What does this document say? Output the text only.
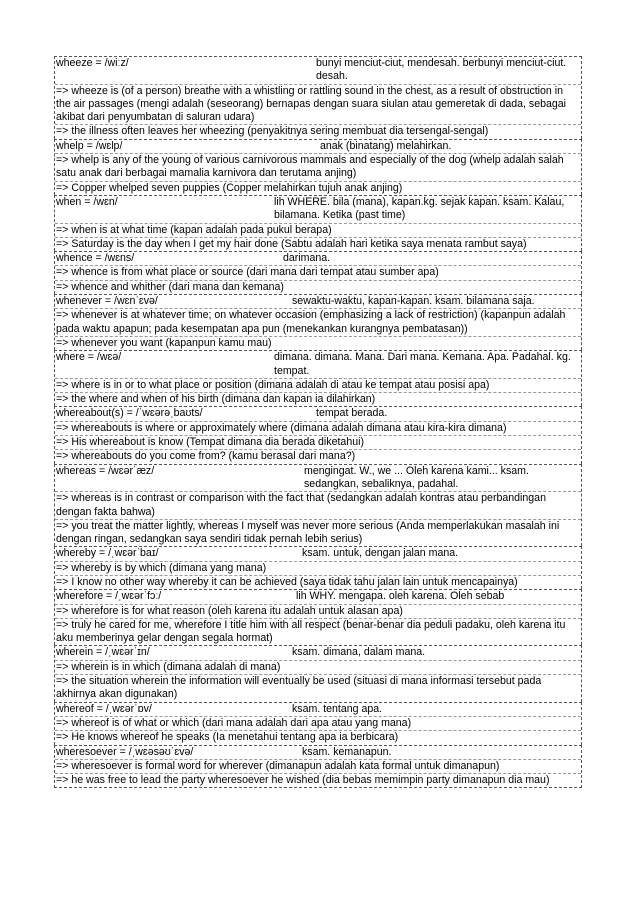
wheeze = /wiːz/	bunyi menciut-ciut, mendesah. berbunyi menciut-ciut. desah.
=> wheeze is (of a person) breathe with a whistling or rattling sound in the chest, as a result of obstruction in the air passages (mengi adalah (seseorang) bernapas dengan suara siulan atau gemeretak di dada, sebagai akibat dari penyumbatan di saluran udara)
=> the illness often leaves her wheezing (penyakitnya sering membuat dia tersengal-sengal)
whelp = /wɛlp/	anak (binatang) melahirkan.
=> whelp is any of the young of various carnivorous mammals and especially of the dog (whelp adalah salah satu anak dari berbagai mamalia karnivora dan terutama anjing)
=> Copper whelped seven puppies (Copper melahirkan tujuh anak anjing)
when = /wɛn/	lih WHERE. bila (mana), kapan.kg. sejak kapan. ksam. Kalau, bilamana. Ketika (past time)
=> when is at what time (kapan adalah pada pukul berapa)
=> Saturday is the day when I get my hair done (Sabtu adalah hari ketika saya menata rambut saya)
whence = /wɛns/	darimana.
=> whence is from what place or source (dari mana dari tempat atau sumber apa)
=> whence and whither (dari mana dan kemana)
whenever = /wɛnˈɛvə/	sewaktu-waktu, kapan-kapan. ksam. bilamana saja.
=> whenever is at whatever time; on whatever occasion (emphasizing a lack of restriction) (kapanpun adalah pada waktu apapun; pada kesempatan apa pun (menekankan kurangnya pembatasan))
=> whenever you want (kapanpun kamu mau)
where = /wɛə/	dimana. dimana. Mana. Dari mana. Kemana. Apa. Padahal. kg. tempat.
=> where is in or to what place or position (dimana adalah di atau ke tempat atau posisi apa)
=> the where and when of his birth (dimana dan kapan ia dilahirkan)
whereabout(s) = /ˈwɛərəˌbaʊts/	tempat berada.
=> whereabouts is where or approximately where (dimana adalah dimana atau kira-kira dimana)
=> His whereabout is know (Tempat dimana dia berada diketahui)
=> whereabouts do you come from? (kamu berasal dari mana?)
whereas = /wɛərˈæz/	mengingat. W., we ... Oleh karena kami... ksam. sedangkan, sebaliknya, padahal.
=> whereas is in contrast or comparison with the fact that (sedangkan adalah kontras atau perbandingan dengan fakta bahwa)
=> you treat the matter lightly, whereas I myself was never more serious (Anda memperlakukan masalah ini dengan ringan, sedangkan saya sendiri tidak pernah lebih serius)
whereby = /ˌwɛərˈbaɪ/	ksam. untuk, dengan jalan mana.
=> whereby is by which (dimana yang mana)
=> I know no other way whereby it can be achieved (saya tidak tahu jalan lain untuk mencapainya)
wherefore = /ˌwɛərˈfɔː/	lih WHY. mengapa. oleh karena. Oleh sebab
=> wherefore is for what reason (oleh karena itu adalah untuk alasan apa)
=> truly he cared for me, wherefore I title him with all respect (benar-benar dia peduli padaku, oleh karena itu aku memberinya gelar dengan segala hormat)
wherein = /ˌwɛərˈɪn/	ksam. dimana, dalam mana.
=> wherein is in which (dimana adalah di mana)
=> the situation wherein the information will eventually be used (situasi di mana informasi tersebut pada akhirnya akan digunakan)
whereof = /ˌwɛərˈɒv/	ksam. tentang apa.
=> whereof is of what or which (dari mana adalah dari apa atau yang mana)
=> He knows whereof he speaks (Ia menetahui tentang apa ia berbicara)
wheresoever = /ˌwɛəsəʊˈɛvə/	ksam. kemanapun.
=> wheresoever is formal word for wherever (dimanapun adalah kata formal untuk dimanapun)
=> he was free to lead the party wheresoever he wished (dia bebas memimpin party dimanapun dia mau)
